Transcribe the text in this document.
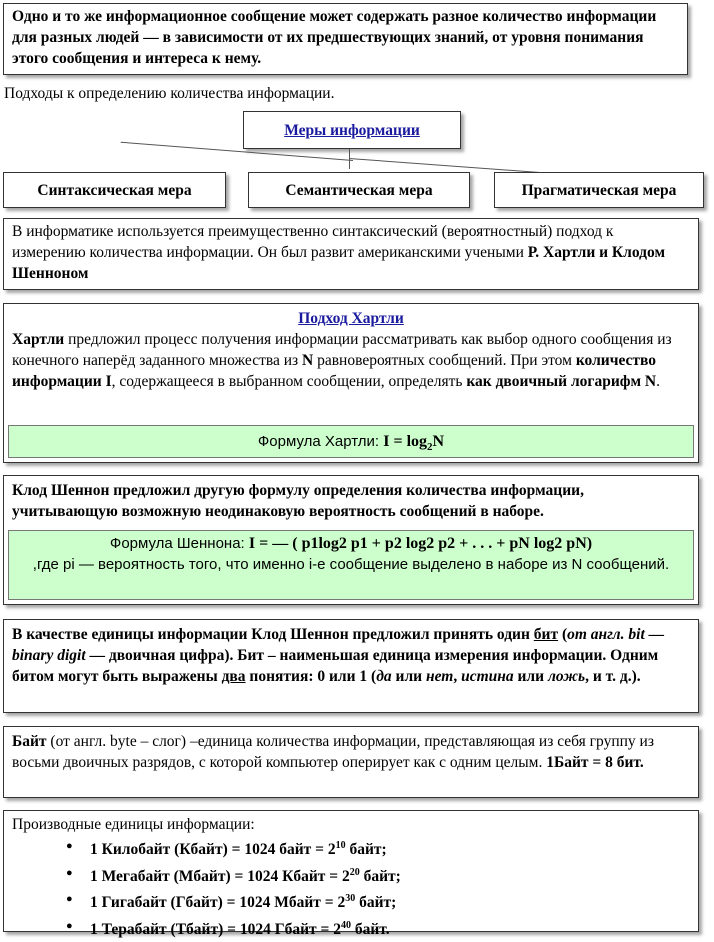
Одно и то же информационное сообщение может содержать разное количество информации для разных людей — в зависимости от их предшествующих знаний, от уровня понимания этого сообщения и интереса к нему.
Подходы к определению количества информации.
Меры информации
Синтаксическая мера	Семантическая мера	Прагматическая мера
В информатике используется преимущественно синтаксический (вероятностный) подход к измерению количества информации. Он был развит американскими учеными Р. Хартли и Клодом Шенноном
Подход Хартли
Хартли предложил процесс получения информации рассматривать как выбор одного сообщения из конечного наперёд заданного множества из N равновероятных сообщений. При этом количество информации I, содержащееся в выбранном сообщении, определять как двоичный логарифм N.
Формула Хартли: $I = \log_2N$
Клод Шеннон предложил другую формулу определения количества информации, учитывающую возможную неодинаковую вероятность сообщений в наборе.
Формула Шеннона: I = — ( p1log2 p1 + p2 log2 p2 + . . . + pN log2 pN)
,где pi — вероятность того, что именно i-е сообщение выделено в наборе из N сообщений.
В качестве единицы информации Клод Шеннон предложил принять один бит (от англ. bit — binary digit — двоичная цифра). Бит – наименьшая единица измерения информации. Одним битом могут быть выражены два понятия: 0 или 1 (да или нет, истина или ложь, и т. д.).
Байт (от англ. byte – слог) –единица количества информации, представляющая из себя группу из восьми двоичных разрядов, с которой компьютер оперирует как с одним целым. 1Байт = 8 бит.
Производные единицы информации:
● 1 Килобайт (Кбайт) = 1024 байт = $2^{10}$ байт;
● 1 Мегабайт (Мбайт) = 1024 Кбайт = $2^{20}$ байт;
● 1 Гигабайт (Гбайт) = 1024 Мбайт = $2^{30}$ байт;
● 1 Терабайт (Тбайт) = 1024 Гбайт = $2^{40}$ байт.
